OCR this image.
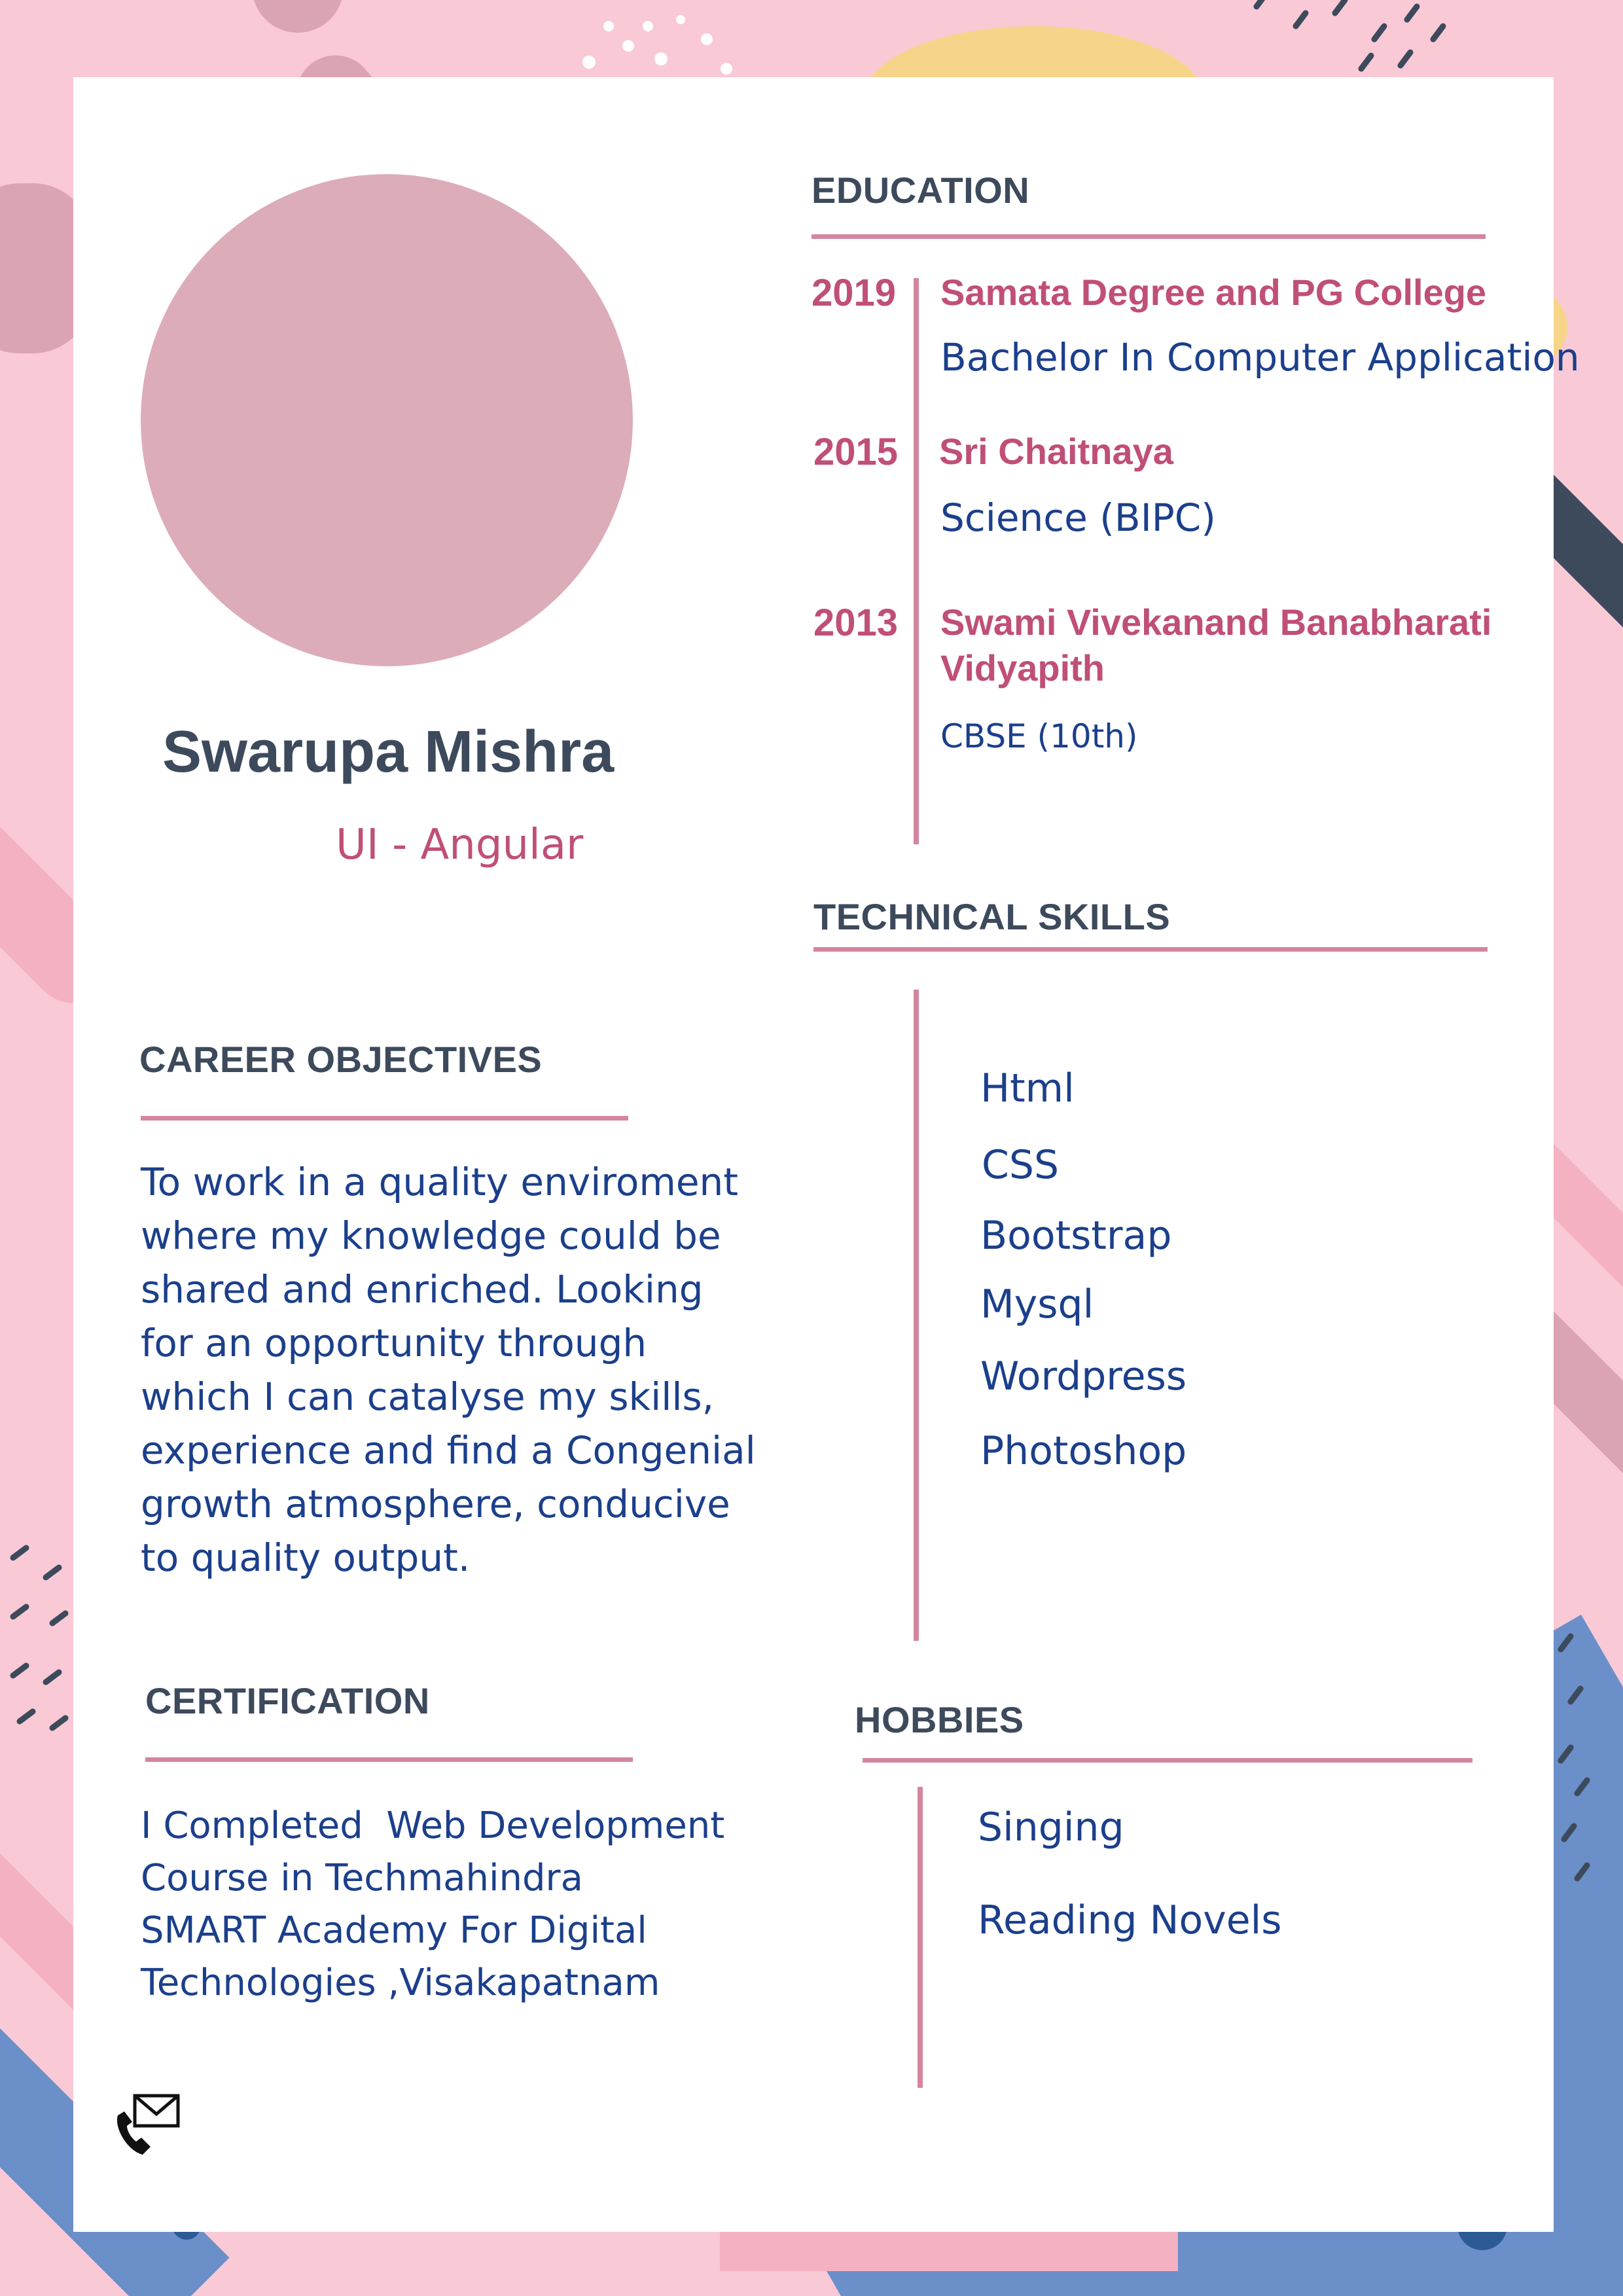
Swarupa Mishra
UI - Angular
CAREER OBJECTIVES
To work in a quality enviroment
where my knowledge could be
shared and enriched. Looking
for an opportunity through
which I can catalyse my skills,
experience and find a Congenial
growth atmosphere, conducive
to quality output.
CERTIFICATION
I Completed  Web Development
Course in Techmahindra
SMART Academy For Digital
Technologies ,Visakapatnam
EDUCATION
2019 Samata Degree and PG College
Bachelor In Computer Application
2015 Sri Chaitnaya
Science (BIPC)
2013 Swami Vivekanand Banabharati Vidyapith
CBSE (10th)
TECHNICAL SKILLS
Html
CSS
Bootstrap
Mysql
Wordpress
Photoshop
HOBBIES
Singing
Reading Novels
